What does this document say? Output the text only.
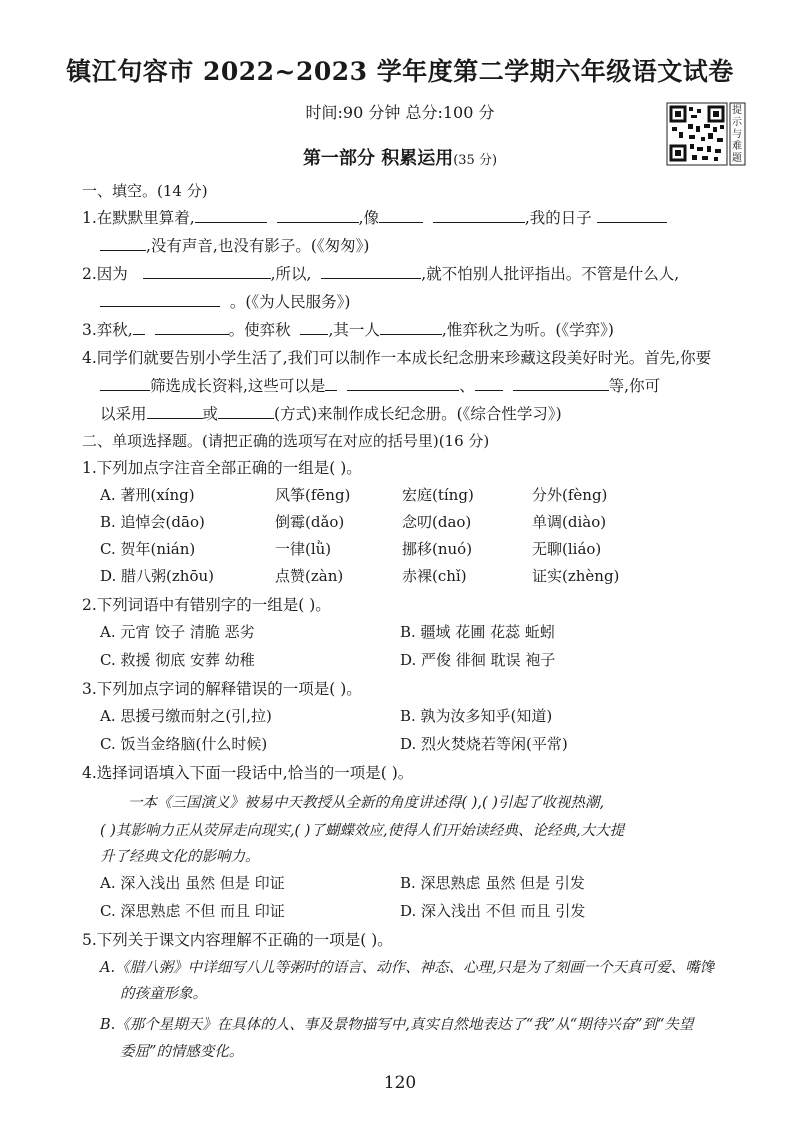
镇江句容市 2022~2023 学年度第二学期六年级语文试卷
时间:90 分钟 总分:100 分	提示与难题
第一部分 积累运用(35 分)
一、填空。(14 分)
1.在默默里算着,	,像	,我的日子
,没有声音,也没有影子。(《匆匆》)
2.因为	,所以,	,就不怕别人批评指出。不管是什么人,
。(《为人民服务》)
3.弈秋,	。使弈秋 ,其一人	,惟弈秋之为听。(《学弈》)
4.同学们就要告别小学生活了,我们可以制作一本成长纪念册来珍藏这段美好时光。首先,你要
筛选成长资料,这些可以是	、	等,你可
以采用	或	(方式)来制作成长纪念册。(《综合性学习》)
二、单项选择题。(请把正确的选项写在对应的括号里)(16 分)
1.下列加点字注音全部正确的一组是( )。
A. 著刑(xíng)	风筝(fēng)	宏庭(tíng)	分外(fèng)
B. 追悼会(dāo)	倒霉(dǎo)	念叨(dao)	单调(diào)
C. 贺年(nián)	一律(lǜ)	挪移(nuó)	无聊(liáo)
D. 腊八粥(zhōu)	点赞(zàn)	赤裸(chǐ)	证实(zhèng)
2.下列词语中有错别字的一组是( )。
A. 元宵 饺子 清脆 恶劣	B. 疆域 花圃 花蕊 蚯蚓
C. 救援 彻底 安葬 幼稚	D. 严俊 徘徊 耽误 袍子
3.下列加点字词的解释错误的一项是( )。
A. 思援弓缴而射之(引,拉)	B. 孰为汝多知乎(知道)
C. 饭当金络脑(什么时候)	D. 烈火焚烧若等闲(平常)
4.选择词语填入下面一段话中,恰当的一项是( )。
一本《三国演义》被易中天教授从全新的角度讲述得( ),( )引起了收视热潮,
( )其影响力正从荧屏走向现实,( )了蝴蝶效应,使得人们开始读经典、论经典,大大提
升了经典文化的影响力。
A. 深入浅出 虽然 但是 印证	B. 深思熟虑 虽然 但是 引发
C. 深思熟虑 不但 而且 印证	D. 深入浅出 不但 而且 引发
5.下列关于课文内容理解不正确的一项是( )。
A.《腊八粥》中详细写八儿等粥时的语言、动作、神态、心理,只是为了刻画一个天真可爱、嘴馋
的孩童形象。
B.《那个星期天》在具体的人、事及景物描写中,真实自然地表达了“我”从“期待兴奋”到“失望
委屈”的情感变化。
120
